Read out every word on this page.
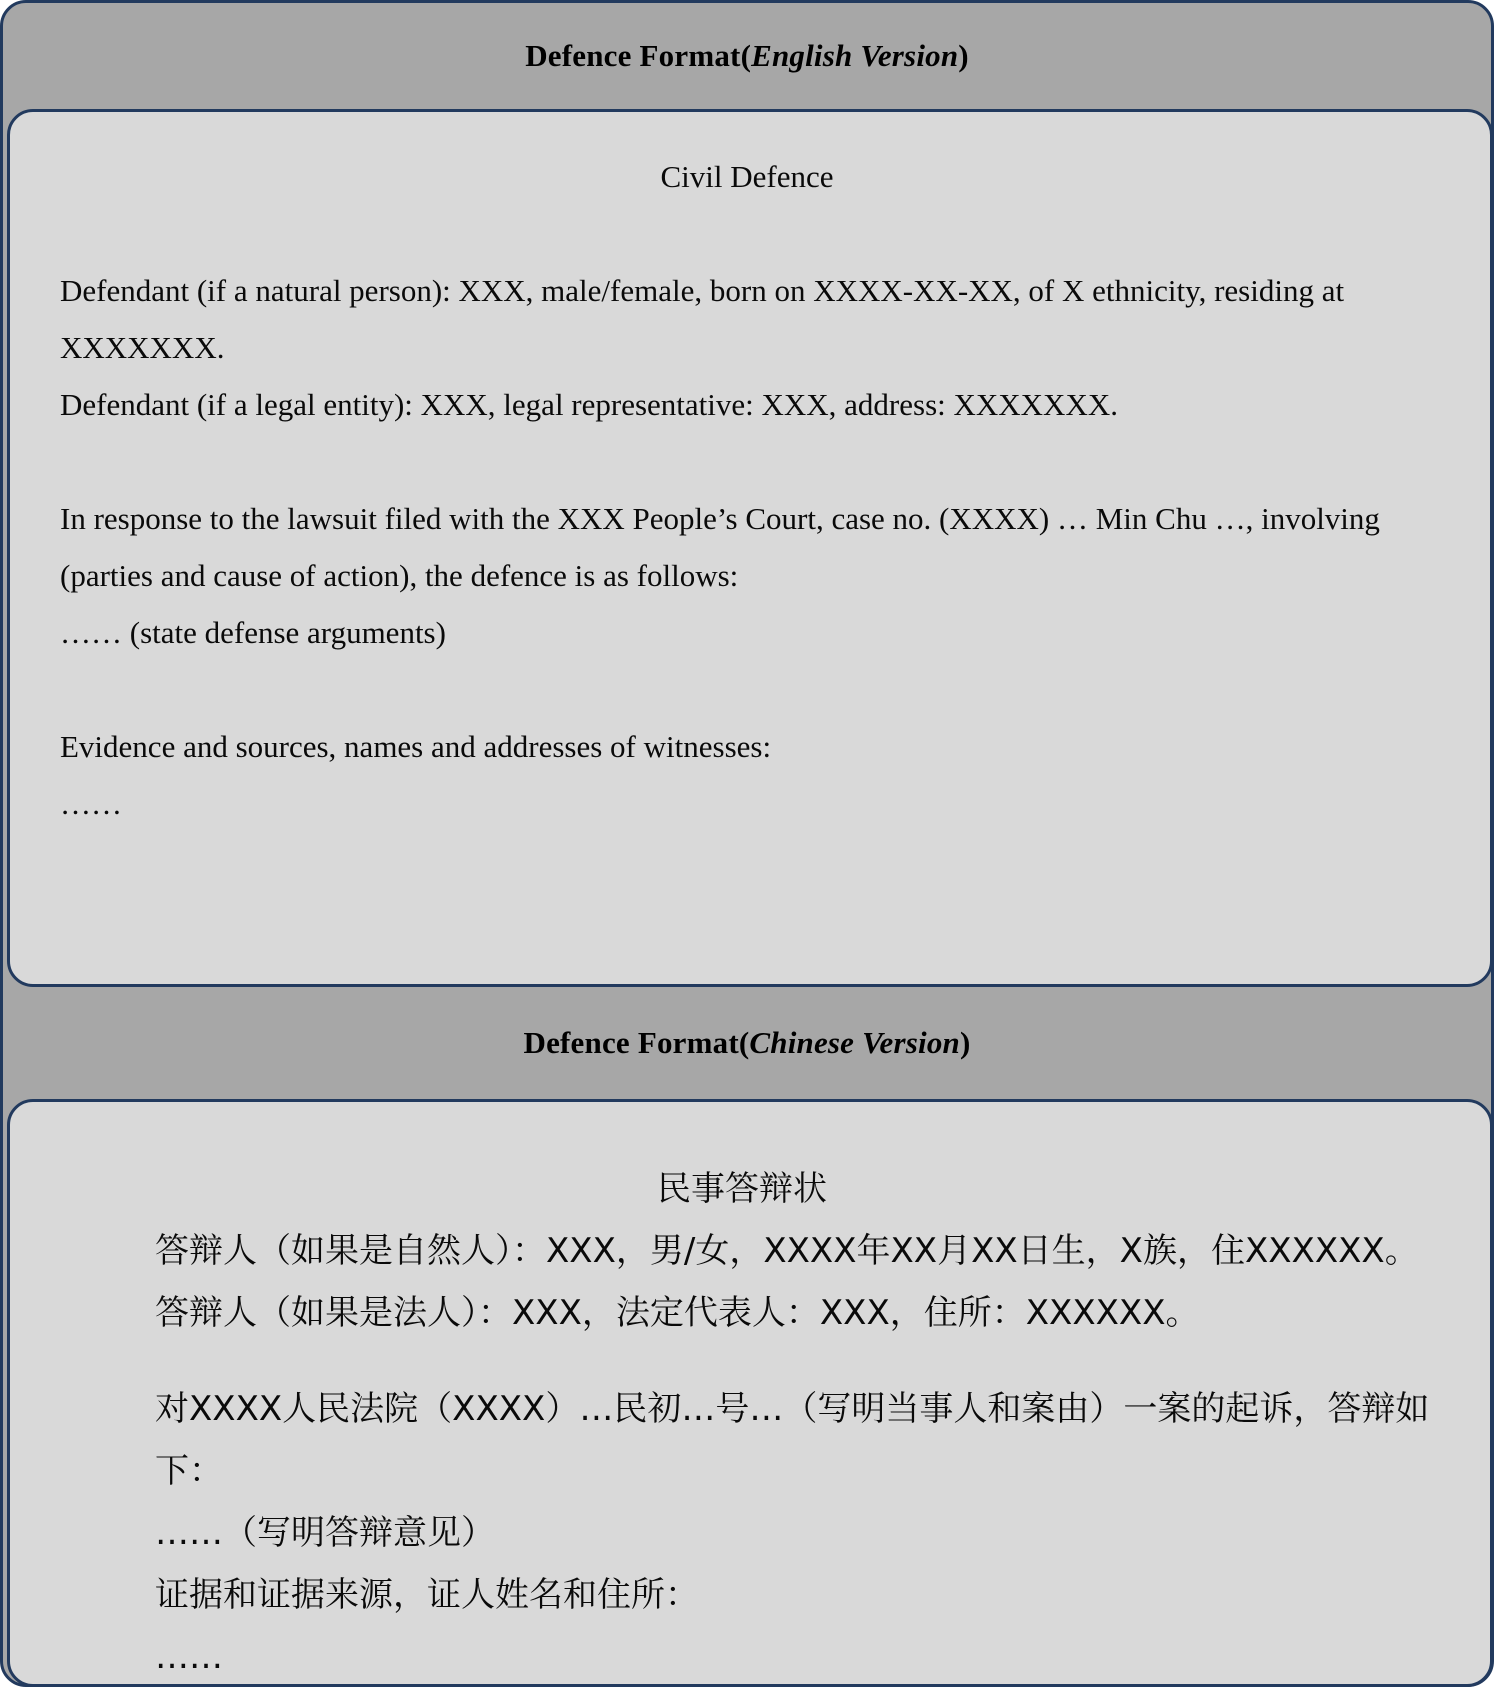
Defence Format(English Version)
Civil Defence

Defendant (if a natural person): XXX, male/female, born on XXXX-XX-XX, of X ethnicity, residing at XXXXXXX.

Defendant (if a legal entity): XXX, legal representative: XXX, address: XXXXXXX.

In response to the lawsuit filed with the XXX People’s Court, case no. (XXXX) … Min Chu …, involving (parties and cause of action), the defence is as follows:

…… (state defense arguments)

Evidence and sources, names and addresses of witnesses:

……

Defence Format(Chinese Version)
民事答辩状

答辩人（如果是自然人）：XXX，男/女，XXXX年XX月XX日生，X族，住XXXXXX。

答辩人（如果是法人）：XXX，法定代表人：XXX，住所：XXXXXX。

对XXXX人民法院（XXXX）…民初…号…（写明当事人和案由）一案的起诉，答辩如下：

……（写明答辩意见）

证据和证据来源，证人姓名和住所：

……
